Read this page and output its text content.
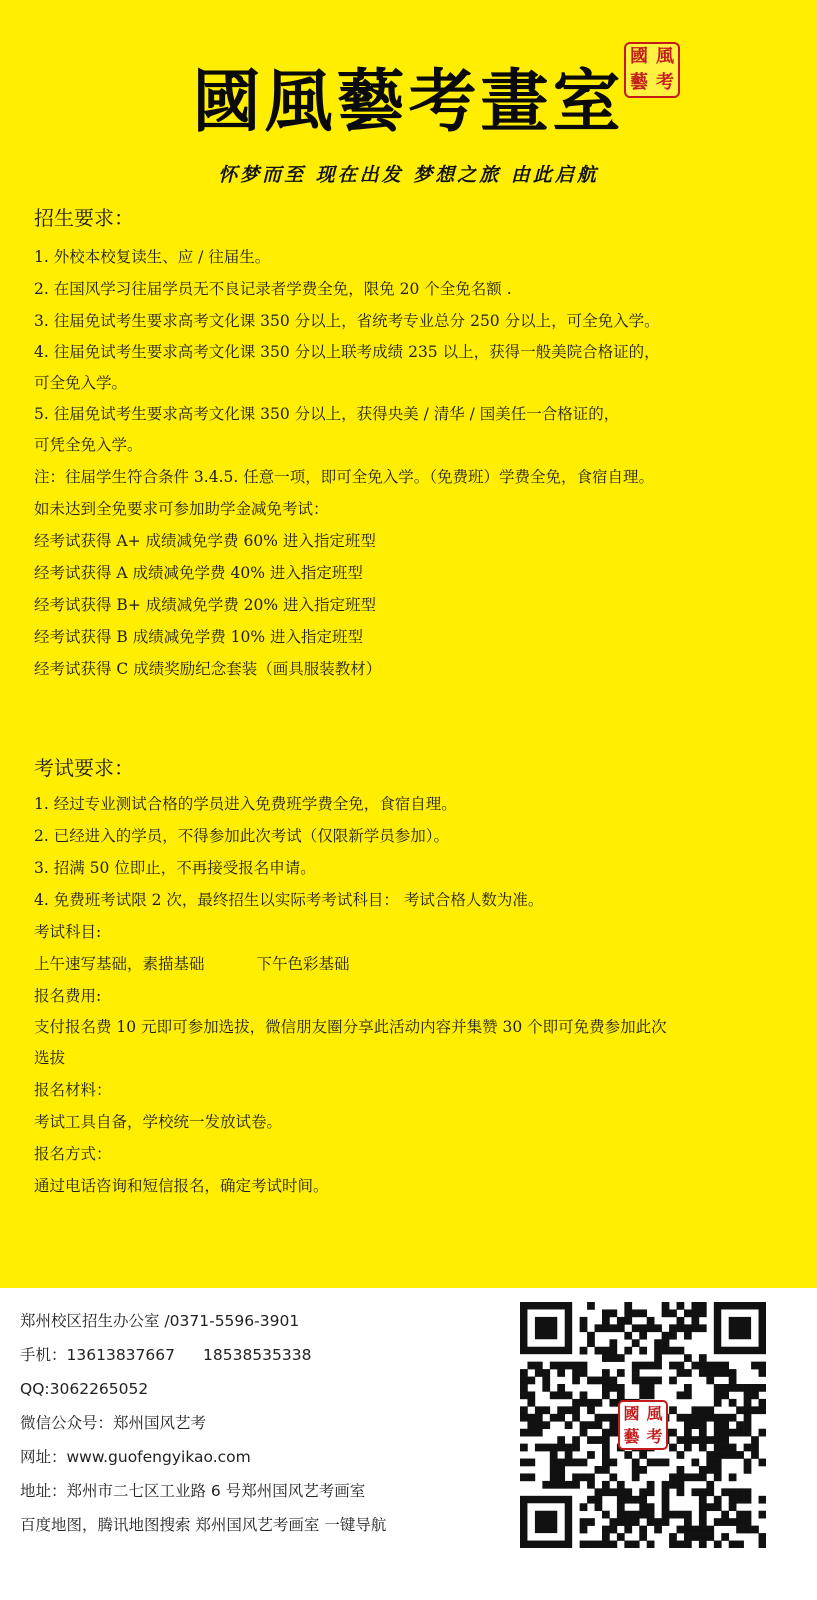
國風藝考畫室
國 風
藝 考
怀梦而至 现在出发 梦想之旅 由此启航
招生要求：
1. 外校本校复读生、应 / 往届生。
2. 在国风学习往届学员无不良记录者学费全免，限免 20 个全免名额 .
3. 往届免试考生要求高考文化课 350 分以上，省统考专业总分 250 分以上，可全免入学。
4. 往届免试考生要求高考文化课 350 分以上联考成绩 235 以上，获得一般美院合格证的，
可全免入学。
5. 往届免试考生要求高考文化课 350 分以上，获得央美 / 清华 / 国美任一合格证的，
可凭全免入学。
注：往届学生符合条件 3.4.5. 任意一项，即可全免入学。（免费班）学费全免，食宿自理。
如未达到全免要求可参加助学金减免考试：
经考试获得 A+ 成绩减免学费 60% 进入指定班型
经考试获得 A 成绩减免学费 40% 进入指定班型
经考试获得 B+ 成绩减免学费 20% 进入指定班型
经考试获得 B 成绩减免学费 10% 进入指定班型
经考试获得 C 成绩奖励纪念套装（画具服装教材）
考试要求：
1. 经过专业测试合格的学员进入免费班学费全免，食宿自理。
2. 已经进入的学员，不得参加此次考试（仅限新学员参加）。
3. 招满 50 位即止，不再接受报名申请。
4. 免费班考试限 2 次，最终招生以实际考考试科目： 考试合格人数为准。
考试科目:
上午速写基础，素描基础	下午色彩基础
报名费用:
支付报名费 10 元即可参加选拔，微信朋友圈分享此活动内容并集赞 30 个即可免费参加此次
选拔
报名材料：
考试工具自备，学校统一发放试卷。
报名方式：
通过电话咨询和短信报名，确定考试时间。
郑州校区招生办公室 /0371-5596-3901
手机：13613837667 18538535338
QQ:3062265052
微信公众号：郑州国风艺考
网址：www.guofengyikao.com
地址：郑州市二七区工业路 6 号郑州国风艺考画室
百度地图，腾讯地图搜索 郑州国风艺考画室 一键导航
國 風
藝 考
